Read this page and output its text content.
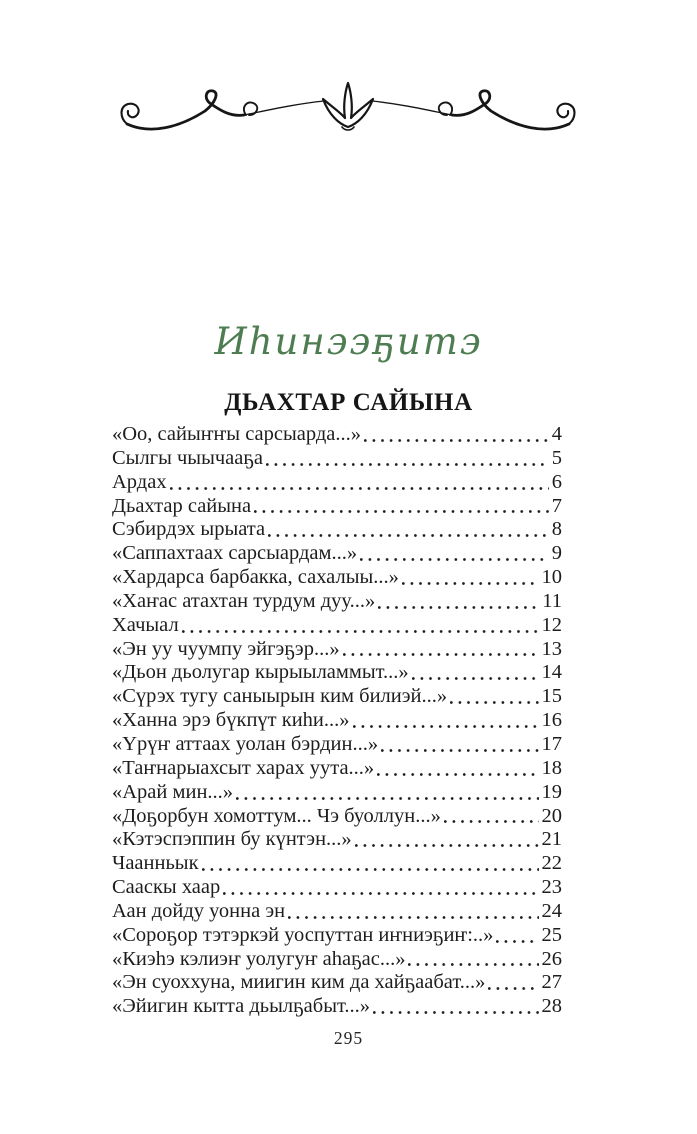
Иһинээҕитэ
ДЬАХТАР САЙЫНА
«Оо, сайыҥҥы сарсыарда...»	4
Сылгы чыычааҕа	5
Ардах	6
Дьахтар сайына	7
Сэбирдэх ырыата	8
«Саппахтаах сарсыардам...»	9
«Хардарса барбакка, сахалыы...»	10
«Хаҥас атахтан турдум дуу...»	11
Хачыал	12
«Эн уу чуумпу эйгэҕэр...»	13
«Дьон дьолугар кырыыламмыт...»	14
«Сүрэх тугу саныырын ким билиэй...»	15
«Ханна эрэ бүкпүт киһи...»	16
«Үрүҥ аттаах уолан бэрдин...»	17
«Таҥнарыахсыт харах уута...»	18
«Арай мин...»	19
«Доҕорбун хомоттум... Чэ буоллун...»	20
«Кэтэспэппин бу күнтэн...»	21
Чаанньык	22
Сааскы хаар	23
Аан дойду уонна эн	24
«Сороҕор тэтэркэй уоспуттан иҥниэҕиҥ:..» 25
«Киэһэ кэлиэҥ уолугуҥ аһаҕас...»	26
«Эн суоххуна, миигин ким да хайҕаабат...»	27
«Эйигин кытта дьылҕабыт...»	28
295
